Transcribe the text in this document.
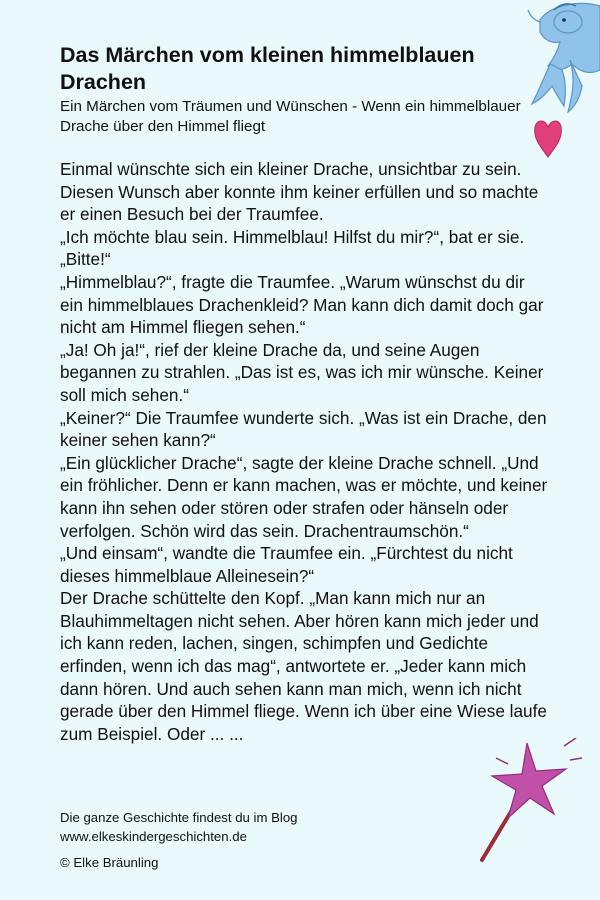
Das Märchen vom kleinen himmelblauen Drachen

Ein Märchen vom Träumen und Wünschen - Wenn ein himmelblauer Drache über den Himmel fliegt

Einmal wünschte sich ein kleiner Drache, unsichtbar zu sein. Diesen Wunsch aber konnte ihm keiner erfüllen und so machte er einen Besuch bei der Traumfee.

„Ich möchte blau sein. Himmelblau! Hilfst du mir?“, bat er sie. „Bitte!“

„Himmelblau?“, fragte die Traumfee. „Warum wünschst du dir ein himmelblaues Drachenkleid? Man kann dich damit doch gar nicht am Himmel fliegen sehen.“

„Ja! Oh ja!“, rief der kleine Drache da, und seine Augen begannen zu strahlen. „Das ist es, was ich mir wünsche. Keiner soll mich sehen.“

„Keiner?“ Die Traumfee wunderte sich. „Was ist ein Drache, den keiner sehen kann?“

„Ein glücklicher Drache“, sagte der kleine Drache schnell. „Und ein fröhlicher. Denn er kann machen, was er möchte, und keiner kann ihn sehen oder stören oder strafen oder hänseln oder verfolgen. Schön wird das sein. Drachentraumschön.“

„Und einsam“, wandte die Traumfee ein. „Fürchtest du nicht dieses himmelblaue Alleinesein?“

Der Drache schüttelte den Kopf. „Man kann mich nur an Blauhimmeltagen nicht sehen. Aber hören kann mich jeder und ich kann reden, lachen, singen, schimpfen und Gedichte erfinden, wenn ich das mag“, antwortete er. „Jeder kann mich dann hören. Und auch sehen kann man mich, wenn ich nicht gerade über den Himmel fliege. Wenn ich über eine Wiese laufe zum Beispiel. Oder ... ...

Die ganze Geschichte findest du im Blog
www.elkeskindergeschichten.de
© Elke Bräunling
